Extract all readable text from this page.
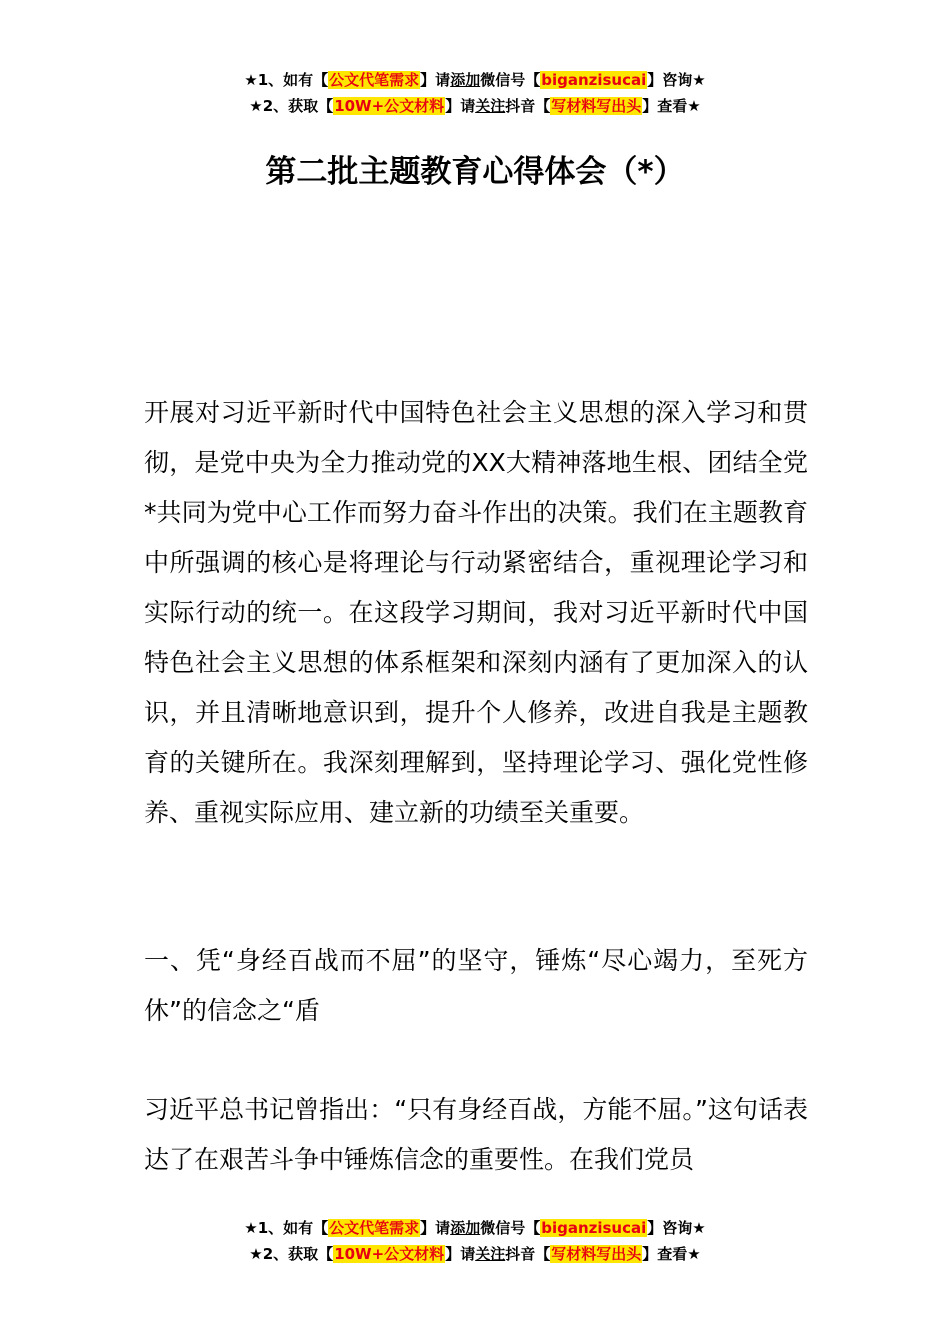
★1、如有【公文代笔需求】请添加微信号【biganzisucai】咨询★
★2、获取【10W+公文材料】请关注抖音【写材料写出头】查看★
第二批主题教育心得体会（*）

开展对习近平新时代中国特色社会主义思想的深入学习和贯彻，是党中央为全力推动党的XX大精神落地生根、团结全党*共同为党中心工作而努力奋斗作出的决策。我们在主题教育中所强调的核心是将理论与行动紧密结合，重视理论学习和实际行动的统一。在这段学习期间，我对习近平新时代中国特色社会主义思想的体系框架和深刻内涵有了更加深入的认识，并且清晰地意识到，提升个人修养，改进自我是主题教育的关键所在。我深刻理解到，坚持理论学习、强化党性修养、重视实际应用、建立新的功绩至关重要。

一、凭“身经百战而不屈”的坚守，锤炼“尽心竭力，至死方休”的信念之“盾

习近平总书记曾指出：“只有身经百战，方能不屈。”这句话表达了在艰苦斗争中锤炼信念的重要性。在我们党员

★1、如有【公文代笔需求】请添加微信号【biganzisucai】咨询★
★2、获取【10W+公文材料】请关注抖音【写材料写出头】查看★
